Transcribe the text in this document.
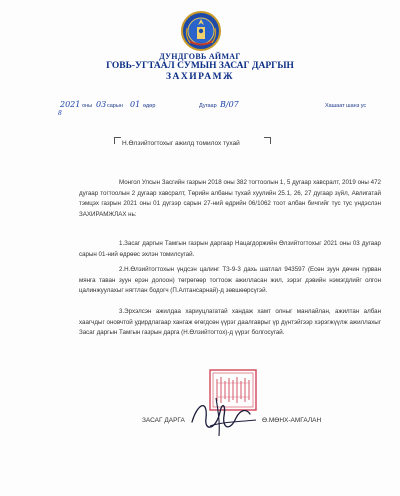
ДУНДГОВЬ АЙМАГ
ГОВЬ-УГТААЛ СУМЫН ЗАСАГ ДАРГЫН
ЗАХИРАМЖ
2021 оны 03 сарын 01 өдөр	Дугаар В/07	Хашаат шанз ус
8
Н.Өлзийтогтохыг ажилд томилох тухай

Монгол Улсын Засгийн газрын 2018 оны 382 тогтоолын 1, 5 дугаар хавсралт, 2019 оны 472 дугаар тогтоолын 2 дугаар хавсралт, Төрийн албаны тухай хуулийн 25.1, 26, 27 дугаар зүйл, Авлигатай тэмцэх газрын 2021 оны 01 дүгээр сарын 27-ний өдрийн 06/1062 тоот албан бичгийг тус тус үндэслэн ЗАХИРАМЖЛАХ нь:

1.Засаг даргын Тамгын газрын даргаар Нацагдоржийн Өлзийтогтохыг 2021 оны 03 дугаар сарын 01-ний өдрөөс эхлэн томилсугай.

2.Н.Өлзийтогтохын үндсэн цалинг ТЗ-9-3 дахь шатлал 943597 (Есөн зуун дөчин гурван мянга таван зуун ерэн долоон) төгрөгөөр тогтоож ажилласан жил, зэрэг дэвийн нэмэгдлийг олгон цалинжуулахыг нягтлан бодогч (П.Алтансарнай)-д зөвшөөрсүгэй.

3.Эрхэлсэн ажилдаа хариуцлагатай хандаж хамт олныг манлайлан, ажилтан албан хаагчдыг оновчтой удирдлагаар хангаж өгөгдсөн үүрэг даалгаврыг үр дүнтэйгээр хэрэгжүүлж ажиллахыг Засаг даргын Тамгын газрын дарга (Н.Өлзийтогтох)-д үүрэг болгосугай.

ЗАСАГ ДАРГА	Ө.МӨНХ-АМГАЛАН
